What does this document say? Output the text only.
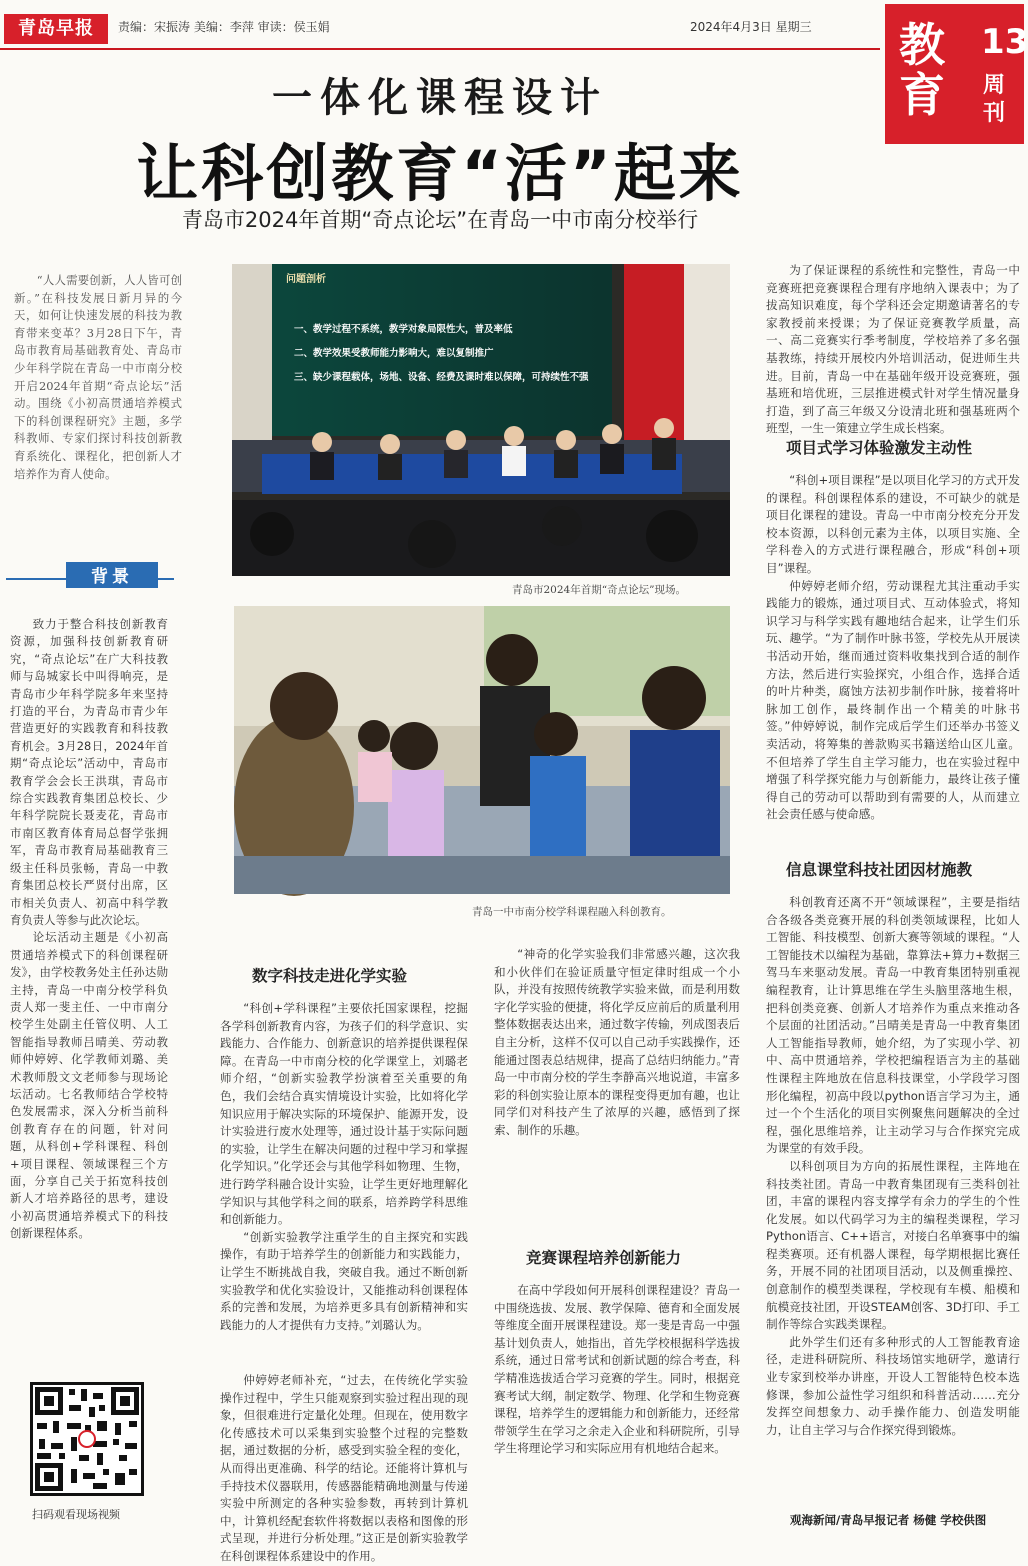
青岛早报	责编：宋振涛 美编：李萍 审读：侯玉娟	2024年4月3日 星期三 教育
13
周刊
一体化课程设计
让科创教育“活”起来
青岛市2024年首期“奇点论坛”在青岛一中市南分校举行
“人人需要创新，人人皆可创新。”在科技发展日新月异的今天，如何让快速发展的科技为教育带来变革？3月28日下午，青岛市教育局基础教育处、青岛市少年科学院在青岛一中市南分校开启2024年首期“奇点论坛”活动。围绕《小初高贯通培养模式下的科创课程研究》主题，多学科教师、专家们探讨科技创新教育系统化、课程化，把创新人才培养作为育人使命。
背景

致力于整合科技创新教育资源，加强科技创新教育研究，“奇点论坛”在广大科技教师与岛城家长中叫得响亮，是青岛市少年科学院多年来坚持打造的平台，为青岛市青少年营造更好的实践教育和科技教育机会。3月28日，2024年首期“奇点论坛”活动中，青岛市教育学会会长王洪琪，青岛市综合实践教育集团总校长、少年科学院院长聂麦花，青岛市市南区教育体育局总督学张拥军，青岛市教育局基础教育三级主任科员张畅，青岛一中教育集团总校长严贤付出席，区市相关负责人、初高中科学教育负责人等参与此次论坛。

论坛活动主题是《小初高贯通培养模式下的科创课程研发》，由学校教务处主任孙达勋主持，青岛一中南分校学科负责人郑一斐主任、一中市南分校学生处副主任管仪明、人工智能指导教师吕晴美、劳动教师仲婷婷、化学教师刘璐、美术教师殷文文老师参与现场论坛活动。七名教师结合学校特色发展需求，深入分析当前科创教育存在的问题，针对问题，从科创+学科课程、科创+项目课程、领域课程三个方面，分享自己关于拓宽科技创新人才培养路径的思考，建设小初高贯通培养模式下的科技创新课程体系。

问题剖析
一、教学过程不系统，教学对象局限性大，普及率低
二、教学效果受教师能力影响大，难以复制推广
三、缺少课程载体，场地、设备、经费及课时难以保障，可持续性不强
青岛市2024年首期“奇点论坛”现场。
青岛一中市南分校学科课程融入科创教育。
数字科技走进化学实验

“科创+学科课程”主要依托国家课程，挖掘各学科创新教育内容，为孩子们的科学意识、实践能力、合作能力、创新意识的培养提供课程保障。在青岛一中市南分校的化学课堂上，刘璐老师介绍，“创新实验教学扮演着至关重要的角色，我们会结合真实情境设计实验，比如将化学知识应用于解决实际的环境保护、能源开发，设计实验进行废水处理等，通过设计基于实际问题的实验，让学生在解决问题的过程中学习和掌握化学知识。”化学还会与其他学科如物理、生物，进行跨学科融合设计实验，让学生更好地理解化学知识与其他学科之间的联系，培养跨学科思维和创新能力。

“创新实验教学注重学生的自主探究和实践操作，有助于培养学生的创新能力和实践能力，让学生不断挑战自我，突破自我。通过不断创新实验教学和优化实验设计，又能推动科创课程体系的完善和发展，为培养更多具有创新精神和实践能力的人才提供有力支持。”刘璐认为。

仲婷婷老师补充，“过去，在传统化学实验操作过程中，学生只能观察到实验过程出现的现象，但很难进行定量化处理。但现在，使用数字化传感技术可以采集到实验整个过程的完整数据，通过数据的分析，感受到实验全程的变化，从而得出更准确、科学的结论。还能将计算机与手持技术仪器联用，传感器能精确地测量与传递实验中所测定的各种实验参数，再转到计算机中，计算机经配套软件将数据以表格和图像的形式呈现，并进行分析处理。”这正是创新实验教学在科创课程体系建设中的作用。

“神奇的化学实验我们非常感兴趣，这次我和小伙伴们在验证质量守恒定律时组成一个小队，并没有按照传统教学实验来做，而是利用数字化学实验的便捷，将化学反应前后的质量利用整体数据表达出来，通过数字传输，列成图表后自主分析，这样不仅可以自己动手实践操作，还能通过图表总结规律，提高了总结归纳能力。”青岛一中市南分校的学生李静高兴地说道，丰富多彩的科创实验让原本的课程变得更加有趣，也让同学们对科技产生了浓厚的兴趣，感悟到了探索、制作的乐趣。

竞赛课程培养创新能力

在高中学段如何开展科创课程建设？青岛一中围绕选拔、发展、教学保障、德育和全面发展等维度全面开展课程建设。郑一斐是青岛一中强基计划负责人，她指出，首先学校根据科学选拔系统，通过日常考试和创新试题的综合考查，科学精准选拔适合学习竞赛的学生。同时，根据竞赛考试大纲，制定数学、物理、化学和生物竞赛课程，培养学生的逻辑能力和创新能力，还经常带领学生在学习之余走入企业和科研院所，引导学生将理论学习和实际应用有机地结合起来。

为了保证课程的系统性和完整性，青岛一中竞赛班把竞赛课程合理有序地纳入课表中；为了拔高知识难度，每个学科还会定期邀请著名的专家教授前来授课；为了保证竞赛教学质量，高一、高二竞赛实行季考制度，学校培养了多名强基教练，持续开展校内外培训活动，促进师生共进。目前，青岛一中在基础年级开设竞赛班，强基班和培优班，三层推进模式针对学生情况量身打造，到了高三年级又分设清北班和强基班两个班型，一生一策建立学生成长档案。

项目式学习体验激发主动性

“科创+项目课程”是以项目化学习的方式开发的课程。科创课程体系的建设，不可缺少的就是项目化课程的建设。青岛一中市南分校充分开发校本资源，以科创元素为主体，以项目实施、全学科卷入的方式进行课程融合，形成“科创+项目”课程。

仲婷婷老师介绍，劳动课程尤其注重动手实践能力的锻炼，通过项目式、互动体验式，将知识学习与科学实践有趣地结合起来，让学生们乐玩、趣学。“为了制作叶脉书签，学校先从开展读书活动开始，继而通过资料收集找到合适的制作方法，然后进行实验探究，小组合作，选择合适的叶片种类，腐蚀方法初步制作叶脉，接着将叶脉加工创作，最终制作出一个精美的叶脉书签。”仲婷婷说，制作完成后学生们还举办书签义卖活动，将筹集的善款购买书籍送给山区儿童。不但培养了学生自主学习能力，也在实验过程中增强了科学探究能力与创新能力，最终让孩子懂得自己的劳动可以帮助到有需要的人，从而建立社会责任感与使命感。

信息课堂科技社团因材施教

科创教育还离不开“领域课程”，主要是指结合各级各类竞赛开展的科创类领域课程，比如人工智能、科技模型、创新大赛等领域的课程。“人工智能技术以编程为基础，靠算法+算力+数据三驾马车来驱动发展。青岛一中教育集团特别重视编程教育，让计算思维在学生头脑里落地生根，把科创类竞赛、创新人才培养作为重点来推动各个层面的社团活动。”吕晴美是青岛一中教育集团人工智能指导教师，她介绍，为了实现小学、初中、高中贯通培养，学校把编程语言为主的基础性课程主阵地放在信息科技课堂，小学段学习图形化编程，初高中段以python语言学习为主，通过一个个生活化的项目实例聚焦问题解决的全过程，强化思维培养，让主动学习与合作探究完成为课堂的有效手段。

以科创项目为方向的拓展性课程，主阵地在科技类社团。青岛一中教育集团现有三类科创社团，丰富的课程内容支撑学有余力的学生的个性化发展。如以代码学习为主的编程类课程，学习Python语言、C++语言，对接白名单赛事中的编程类赛项。还有机器人课程，每学期根据比赛任务，开展不同的社团项目活动，以及侧重操控、创意制作的模型类课程，学校现有车模、船模和航模竞技社团，开设STEAM创客、3D打印、手工制作等综合实践类课程。

此外学生们还有多种形式的人工智能教育途径，走进科研院所、科技场馆实地研学，邀请行业专家到校举办讲座，开设人工智能特色校本选修课，参加公益性学习组织和科普活动……充分发挥空间想象力、动手操作能力、创造发明能力，让自主学习与合作探究得到锻炼。

扫码观看现场视频	观海新闻/青岛早报记者 杨健 学校供图
